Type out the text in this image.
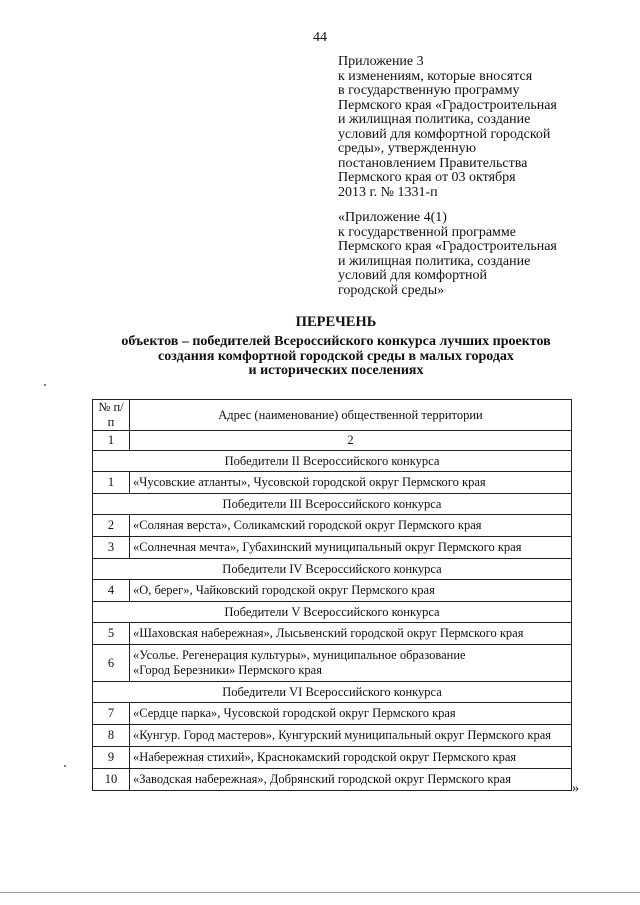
44
Приложение 3
к изменениям, которые вносятся
в государственную программу
Пермского края «Градостроительная
и жилищная политика, создание
условий для комфортной городской
среды», утвержденную
постановлением Правительства
Пермского края от 03 октября
2013 г. № 1331-п
«Приложение 4(1)
к государственной программе
Пермского края «Градостроительная
и жилищная политика, создание
условий для комфортной
городской среды»
ПЕРЕЧЕНЬ
объектов – победителей Всероссийского конкурса лучших проектов
создания комфортной городской среды в малых городах
и исторических поселениях
№ п/п	Адрес (наименование) общественной территории
1	2
Победители II Всероссийского конкурса	
1	«Чусовские атланты», Чусовской городской округ Пермского края

Победители III Всероссийского конкурса	
2	«Соляная верста», Соликамский городской округ Пермского края

3	«Солнечная мечта», Губахинский муниципальный округ Пермского края

Победители IV Всероссийского конкурса	
4	«О, берег», Чайковский городской округ Пермского края

Победители V Всероссийского конкурса	
5	«Шаховская набережная», Лысьвенский городской округ Пермского края

6	«Усолье. Регенерация культуры», муниципальное образование
«Город Березники» Пермского края

Победители VI Всероссийского конкурса	
7	«Сердце парка», Чусовской городской округ Пермского края

8	«Кунгур. Город мастеров», Кунгурский муниципальный округ Пермского края

9	«Набережная стихий», Краснокамский городской округ Пермского края

10	«Заводская набережная», Добрянский городской округ Пермского края
»
